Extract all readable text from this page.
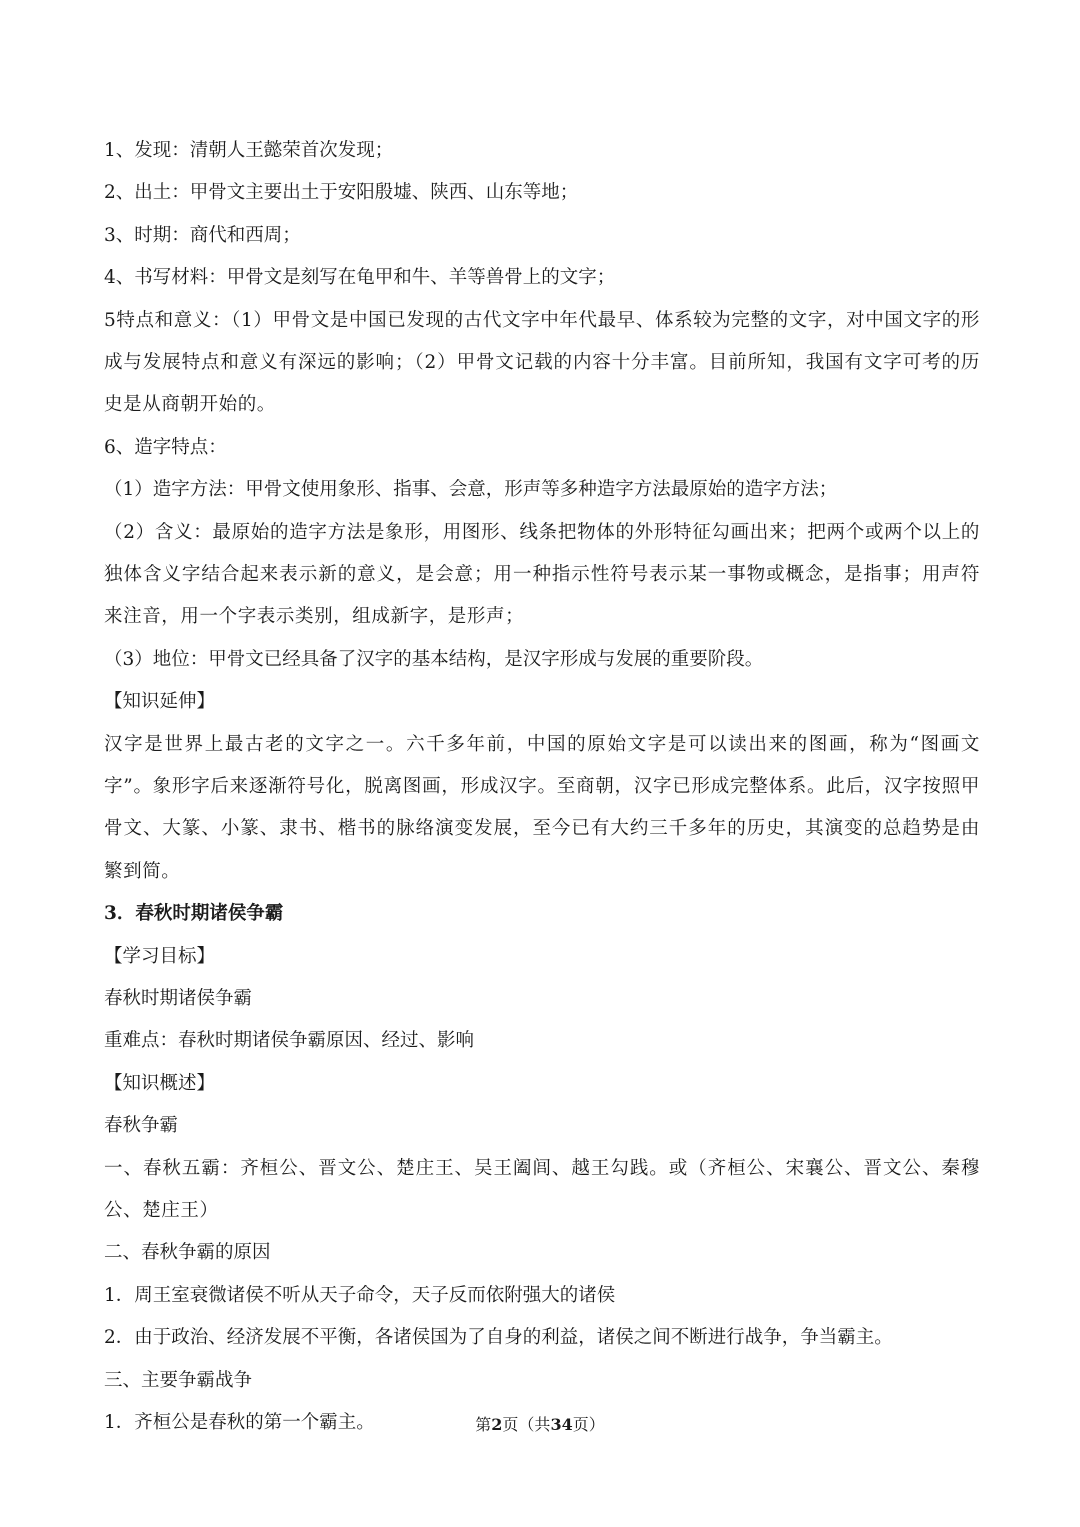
1、发现：清朝人王懿荣首次发现；
2、出土：甲骨文主要出土于安阳殷墟、陕西、山东等地；
3、时期：商代和西周；
4、书写材料：甲骨文是刻写在龟甲和牛、羊等兽骨上的文字；
5特点和意义：（1）甲骨文是中国已发现的古代文字中年代最早、体系较为完整的文字，对中国文字的形成与发展特点和意义有深远的影响；（2）甲骨文记载的内容十分丰富。目前所知，我国有文字可考的历史是从商朝开始的。
6、造字特点：
（1）造字方法：甲骨文使用象形、指事、会意，形声等多种造字方法最原始的造字方法；
（2）含义：最原始的造字方法是象形，用图形、线条把物体的外形特征勾画出来；把两个或两个以上的独体含义字结合起来表示新的意义，是会意；用一种指示性符号表示某一事物或概念，是指事；用声符来注音，用一个字表示类别，组成新字，是形声；
（3）地位：甲骨文已经具备了汉字的基本结构，是汉字形成与发展的重要阶段。
【知识延伸】
汉字是世界上最古老的文字之一。六千多年前，中国的原始文字是可以读出来的图画，称为“图画文字”。象形字后来逐渐符号化，脱离图画，形成汉字。至商朝，汉字已形成完整体系。此后，汉字按照甲骨文、大篆、小篆、隶书、楷书的脉络演变发展，至今已有大约三千多年的历史，其演变的总趋势是由繁到简。
3．春秋时期诸侯争霸
【学习目标】
春秋时期诸侯争霸
重难点：春秋时期诸侯争霸原因、经过、影响
【知识概述】
春秋争霸
一、春秋五霸：齐桓公、晋文公、楚庄王、吴王阖闾、越王勾践。或（齐桓公、宋襄公、晋文公、秦穆公、楚庄王）
二、春秋争霸的原因
1．周王室衰微诸侯不听从天子命令，天子反而依附强大的诸侯
2．由于政治、经济发展不平衡，各诸侯国为了自身的利益，诸侯之间不断进行战争，争当霸主。
三、主要争霸战争
1．齐桓公是春秋的第一个霸主。	第2页（共34页）
